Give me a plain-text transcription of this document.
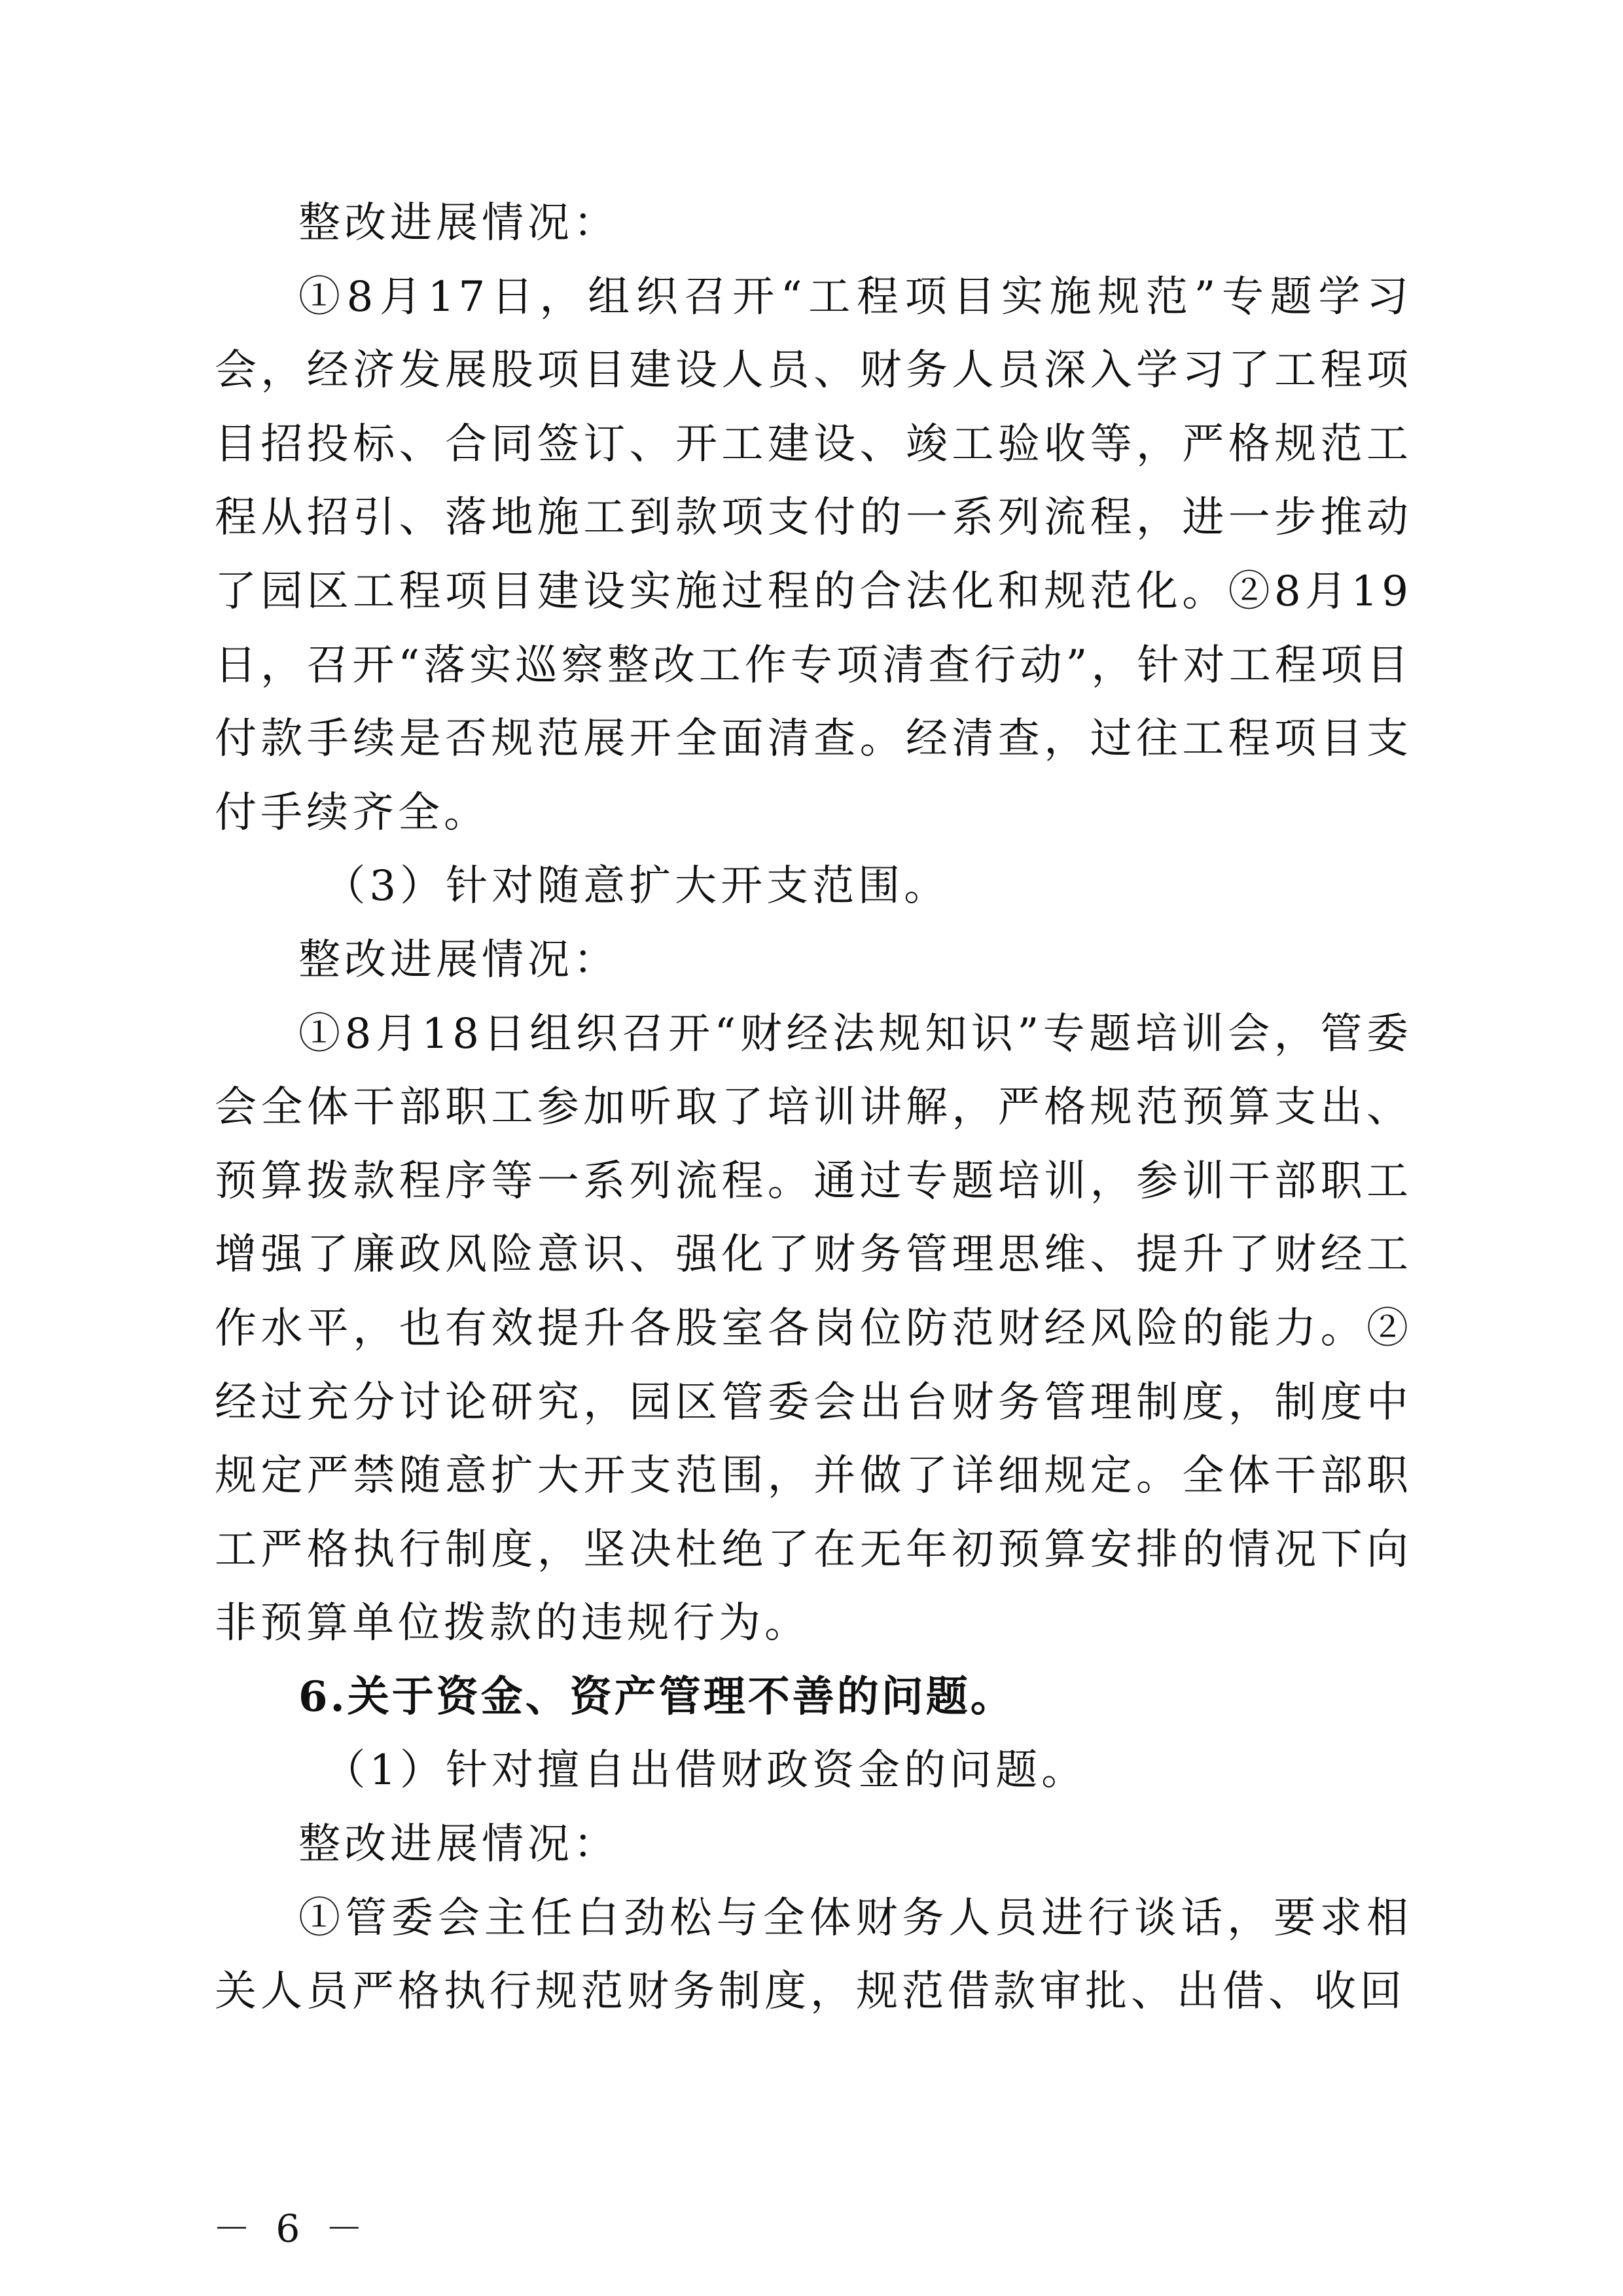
整改进展情况：

①8月17日，组织召开“工程项目实施规范”专题学习会，经济发展股项目建设人员、财务人员深入学习了工程项目招投标、合同签订、开工建设、竣工验收等，严格规范工程从招引、落地施工到款项支付的一系列流程，进一步推动了园区工程项目建设实施过程的合法化和规范化。②8月19日，召开“落实巡察整改工作专项清查行动”，针对工程项目付款手续是否规范展开全面清查。经清查，过往工程项目支付手续齐全。

（3）针对随意扩大开支范围。

整改进展情况：

①8月18日组织召开“财经法规知识”专题培训会，管委会全体干部职工参加听取了培训讲解，严格规范预算支出、预算拨款程序等一系列流程。通过专题培训，参训干部职工增强了廉政风险意识、强化了财务管理思维、提升了财经工作水平，也有效提升各股室各岗位防范财经风险的能力。②经过充分讨论研究，园区管委会出台财务管理制度，制度中规定严禁随意扩大开支范围，并做了详细规定。全体干部职工严格执行制度，坚决杜绝了在无年初预算安排的情况下向非预算单位拨款的违规行为。

6.关于资金、资产管理不善的问题。

（1）针对擅自出借财政资金的问题。

整改进展情况：

①管委会主任白劲松与全体财务人员进行谈话，要求相关人员严格执行规范财务制度，规范借款审批、出借、收回

－ 6 －
